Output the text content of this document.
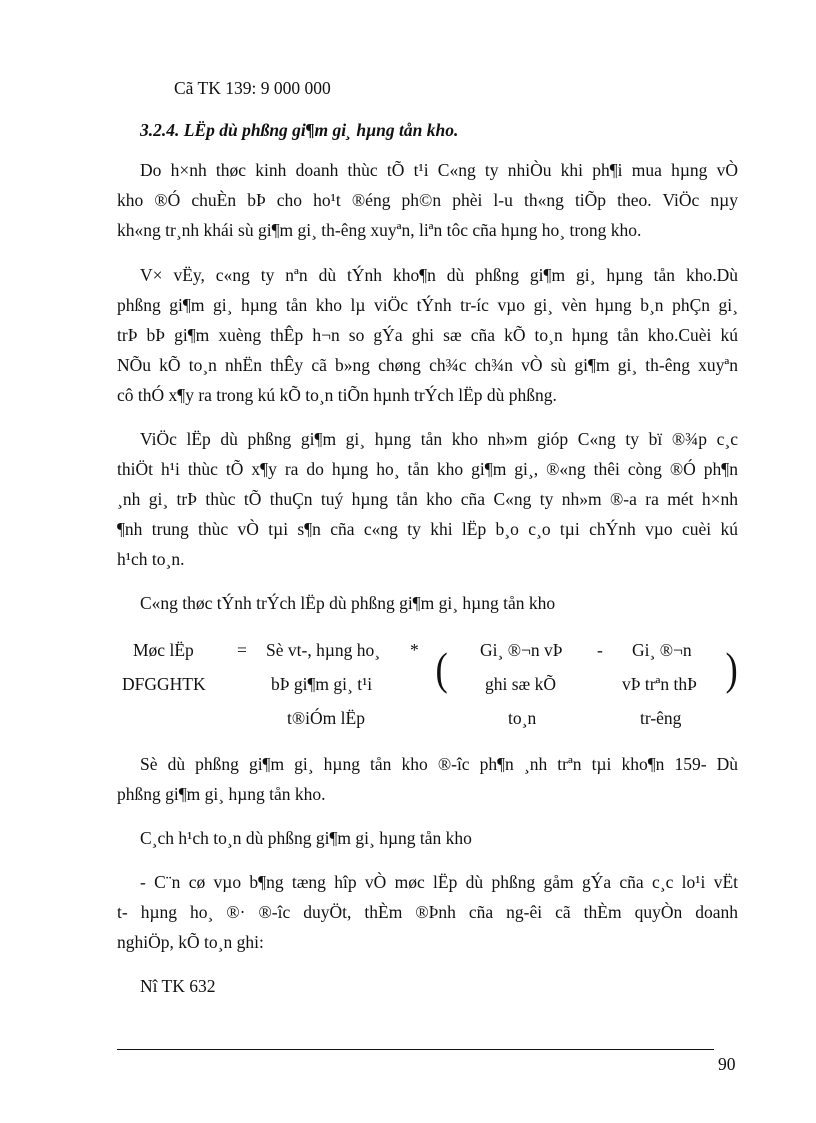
Cã TK 139: 9 000 000
3.2.4. LËp dù phßng gi¶m gi¸ hµng tån kho.
Do h×nh thøc kinh doanh thùc tÕ t¹i C«ng ty nhiÒu khi ph¶i mua hµng vÒ
kho ®Ó chuÈn bÞ cho ho¹t ®éng ph©n phèi l-u th«ng tiÕp theo. ViÖc nµy
kh«ng tr¸nh khái sù gi¶m gi¸ th-êng xuyªn, liªn tôc cña hµng ho¸ trong kho.
V× vËy, c«ng ty nªn dù tÝnh kho¶n dù phßng gi¶m gi¸ hµng tån kho.Dù
phßng gi¶m gi¸ hµng tån kho lµ viÖc tÝnh tr-íc vµo gi¸ vèn hµng b¸n phÇn gi¸
trÞ bÞ gi¶m xuèng thÊp h¬n so gÝa ghi sæ cña kÕ to¸n hµng tån kho.Cuèi kú
NÕu kÕ to¸n nhËn thÊy cã b»ng chøng ch¾c ch¾n vÒ sù gi¶m gi¸ th-êng xuyªn
cô thÓ x¶y ra trong kú kÕ to¸n tiÕn hµnh trÝch lËp dù phßng.
ViÖc lËp dù phßng gi¶m gi¸ hµng tån kho nh»m gióp C«ng ty bï ®¾p c¸c
thiÖt h¹i thùc tÕ x¶y ra do hµng ho¸ tån kho gi¶m gi¸, ®«ng thêi còng ®Ó ph¶n
¸nh gi¸ trÞ thùc tÕ thuÇn tuý hµng tån kho cña C«ng ty nh»m ®-a ra mét h×nh
¶nh trung thùc vÒ tµi s¶n cña c«ng ty khi lËp b¸o c¸o tµi chÝnh vµo cuèi kú
h¹ch to¸n.
C«ng thøc tÝnh trÝch lËp dù phßng gi¶m gi¸ hµng tån kho
Møc lËp
DFGGHTK
= Sè vt-, hµng ho¸
bÞ gi¶m gi¸ t¹i
t®iÓm lËp
* ( Gi¸ ®¬n vÞ
ghi sæ kÕ
to¸n
- Gi¸ ®¬n
vÞ trªn thÞ
tr-êng
)
Sè dù phßng gi¶m gi¸ hµng tån kho ®-îc ph¶n ¸nh trªn tµi kho¶n 159- Dù
phßng gi¶m gi¸ hµng tån kho.
C¸ch h¹ch to¸n dù phßng gi¶m gi¸ hµng tån kho
- C¨n cø vµo b¶ng tæng hîp vÒ møc lËp dù phßng gåm gÝa cña c¸c lo¹i vËt
t- hµng ho¸ ®· ®-îc duyÖt, thÈm ®Þnh cña ng-êi cã thÈm quyÒn doanh
nghiÖp, kÕ to¸n ghi:
Nî TK 632
90
